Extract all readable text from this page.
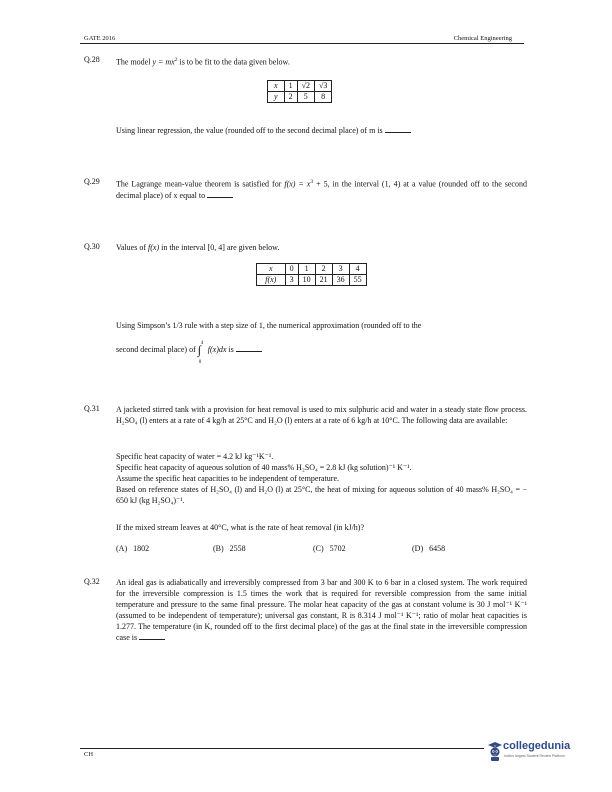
GATE 2016	Chemical Engineering
Q.28 The model $y = mx^2$ is to be fit to the data given below.
x	1	√2	√3
y	2	5	8
Using linear regression, the value (rounded off to the second decimal place) of m is
Q.29 The Lagrange mean-value theorem is satisfied for $f(x) = x^3 + 5$, in the interval (1, 4) at a value (rounded off to the second decimal place) of x equal to
Q.30 Values of f(x) in the interval [0, 4] are given below.
x	0	1	2	3	4
f(x)	3	10	21	36	55

Using Simpson’s 1/3 rule with a step size of 1, the numerical approximation (rounded off to the

second decimal place) of ∫ 4
0
f(x)dx is
Q.31 A jacketed stirred tank with a provision for heat removal is used to mix sulphuric acid and water in a steady state flow process. H₂SO₄ (l) enters at a rate of 4 kg/h at 25°C and H₂O (l) enters at a rate of 6 kg/h at 10°C. The following data are available:

Specific heat capacity of water = 4.2 kJ kg⁻¹K⁻¹.

Specific heat capacity of aqueous solution of 40 mass% H₂SO₄ = 2.8 kJ (kg solution)⁻¹ K⁻¹.

Assume the specific heat capacities to be independent of temperature.

Based on reference states of H₂SO₄ (l) and H₂O (l) at 25°C, the heat of mixing for aqueous solution of 40 mass% H₂SO₄ = − 650 kJ (kg H₂SO₄)⁻¹.

If the mixed stream leaves at 40°C, what is the rate of heat removal (in kJ/h)?
(A) 1802	(B) 2558	(C) 5702	(D) 6458
Q.32 An ideal gas is adiabatically and irreversibly compressed from 3 bar and 300 K to 6 bar in a closed system. The work required for the irreversible compression is 1.5 times the work that is required for reversible compression from the same initial temperature and pressure to the same final pressure. The molar heat capacity of the gas at constant volume is 30 J mol⁻¹ K⁻¹ (assumed to be independent of temperature); universal gas constant, R is 8.314 J mol⁻¹ K⁻¹; ratio of molar heat capacities is 1.277. The temperature (in K, rounded off to the first decimal place) of the gas at the final state in the irreversible compression case is
CH
collegedunia
India's largest Student Review Platform
